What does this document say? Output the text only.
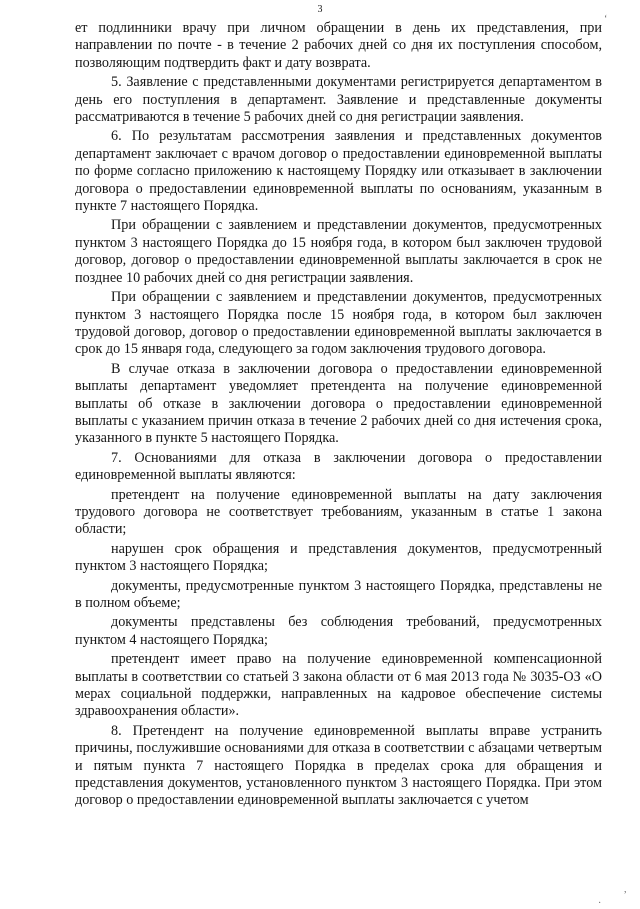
3

ет подлинники врачу при личном обращении в день их представления, при направлении по почте - в течение 2 рабочих дней со дня их поступления способом, позволяющим подтвердить факт и дату возврата.

5. Заявление с представленными документами регистрируется департаментом в день его поступления в департамент. Заявление и представленные документы рассматриваются в течение 5 рабочих дней со дня регистрации заявления.

6. По результатам рассмотрения заявления и представленных документов департамент заключает с врачом договор о предоставлении единовременной выплаты по форме согласно приложению к настоящему Порядку или отказывает в заключении договора о предоставлении единовременной выплаты по основаниям, указанным в пункте 7 настоящего Порядка.

При обращении с заявлением и представлении документов, предусмотренных пунктом 3 настоящего Порядка до 15 ноября года, в котором был заключен трудовой договор, договор о предоставлении единовременной выплаты заключается в срок не позднее 10 рабочих дней со дня регистрации заявления.

При обращении с заявлением и представлении документов, предусмотренных пунктом 3 настоящего Порядка после 15 ноября года, в котором был заключен трудовой договор, договор о предоставлении единовременной выплаты заключается в срок до 15 января года, следующего за годом заключения трудового договора.

В случае отказа в заключении договора о предоставлении единовременной выплаты департамент уведомляет претендента на получение единовременной выплаты об отказе в заключении договора о предоставлении единовременной выплаты с указанием причин отказа в течение 2 рабочих дней со дня истечения срока, указанного в пункте 5 настоящего Порядка.

7. Основаниями для отказа в заключении договора о предоставлении единовременной выплаты являются:

претендент на получение единовременной выплаты на дату заключения трудового договора не соответствует требованиям, указанным в статье 1 закона области;

нарушен срок обращения и представления документов, предусмотренный пунктом 3 настоящего Порядка;

документы, предусмотренные пунктом 3 настоящего Порядка, представлены не в полном объеме;

документы представлены без соблюдения требований, предусмотренных пунктом 4 настоящего Порядка;

претендент имеет право на получение единовременной компенсационной выплаты в соответствии со статьей 3 закона области от 6 мая 2013 года № 3035-ОЗ «О мерах социальной поддержки, направленных на кадровое обеспечение системы здравоохранения области».

8. Претендент на получение единовременной выплаты вправе устранить причины, послужившие основаниями для отказа в соответствии с абзацами четвертым и пятым пункта 7 настоящего Порядка в пределах срока для обращения и представления документов, установленного пунктом 3 настоящего Порядка. При этом договор о предоставлении единовременной выплаты заключается с учетом

‘
,
·
